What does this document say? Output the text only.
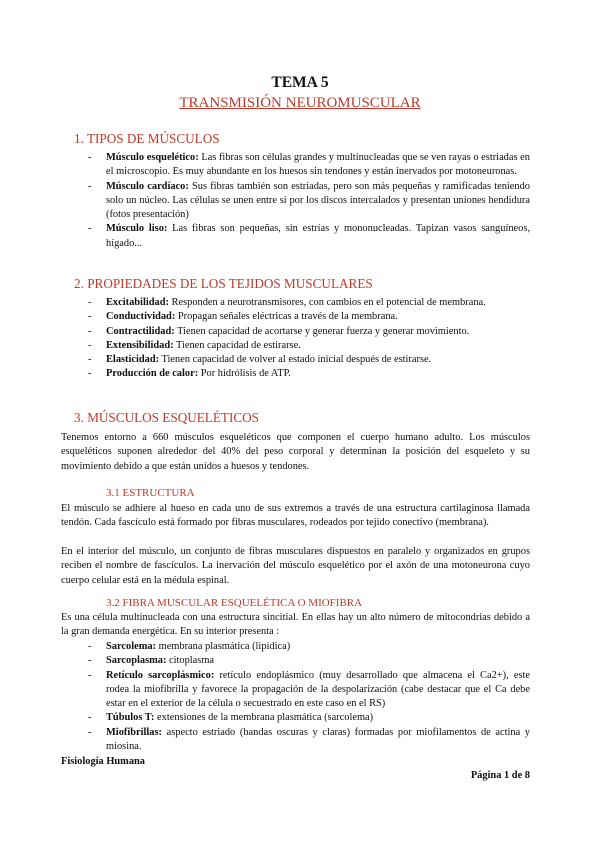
TEMA 5
TRANSMISIÓN NEUROMUSCULAR
1. TIPOS DE MÚSCULOS
- Músculo esquelético: Las fibras son células grandes y multinucleadas que se ven rayas o estriadas en el microscopio. Es muy abundante en los huesos sin tendones y están inervados por motoneuronas.
- Músculo cardíaco: Sus fibras también son estriadas, pero son más pequeñas y ramificadas teniendo solo un núcleo. Las células se unen entre sí por los discos intercalados y presentan uniones hendidura (fotos presentación)
- Músculo liso: Las fibras son pequeñas, sin estrías y mononucleadas. Tapizan vasos sanguíneos, hígado...
2. PROPIEDADES DE LOS TEJIDOS MUSCULARES
- Excitabilidad: Responden a neurotransmisores, con cambios en el potencial de membrana.
- Conductividad: Propagan señales eléctricas a través de la membrana.
- Contractilidad: Tienen capacidad de acortarse y generar fuerza y generar movimiento.
- Extensibilidad: Tienen capacidad de estirarse.
- Elasticidad: Tienen capacidad de volver al estado inicial después de estirarse.
- Producción de calor: Por hidrólisis de ATP.
3. MÚSCULOS ESQUELÉTICOS
Tenemos entorno a 660 músculos esqueléticos que componen el cuerpo humano adulto. Los músculos esqueléticos suponen alrededor del 40% del peso corporal y determinan la posición del esqueleto y su movimiento debido a que están unidos a huesos y tendones.
3.1 ESTRUCTURA
El músculo se adhiere al hueso en cada uno de sus extremos a través de una estructura cartilaginosa llamada tendón. Cada fascículo está formado por fibras musculares, rodeados por tejido conectivo (membrana).
En el interior del músculo, un conjunto de fibras musculares dispuestos en paralelo y organizados en grupos reciben el nombre de fascículos. La inervación del músculo esquelético por el axón de una motoneurona cuyo cuerpo celular está en la médula espinal.
3.2 FIBRA MUSCULAR ESQUELÉTICA O MIOFIBRA
Es una célula multinucleada con una estructura sincitial. En ellas hay un alto número de mitocondrias debido a la gran demanda energética. En su interior presenta :
- Sarcolema: membrana plasmática (lipídica)
- Sarcoplasma: citoplasma
- Retículo sarcoplásmico: retículo endoplásmico (muy desarrollado que almacena el Ca2+), este rodea la miofibrilla y favorece la propagación de la despolarización (cabe destacar que el Ca debe estar en el exterior de la célula o secuestrado en este caso en el RS)
- Túbulos T: extensiones de la membrana plasmática (sarcolema)
- Miofibrillas: aspecto estriado (bandas oscuras y claras) formadas por miofilamentos de actina y miosina.
Fisiología Humana
Página 1 de 8
